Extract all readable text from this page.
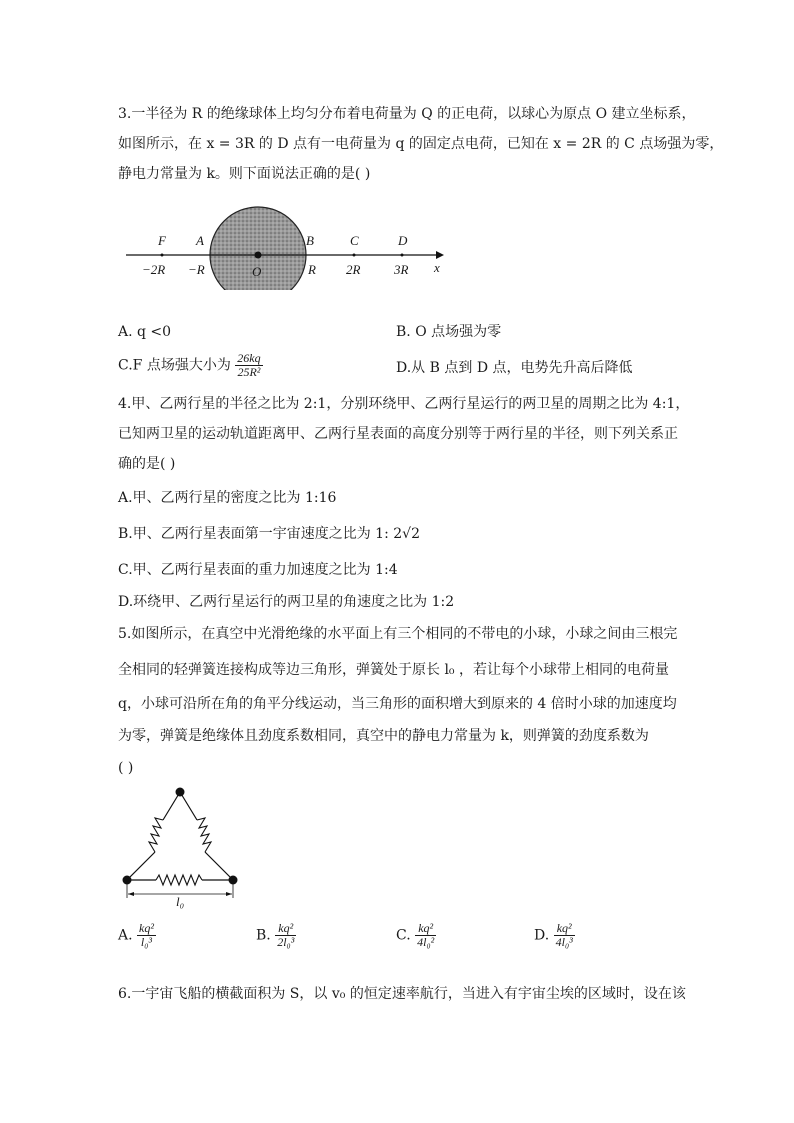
3.一半径为 R 的绝缘球体上均匀分布着电荷量为 Q 的正电荷，以球心为原点 O 建立坐标系，
如图所示，在 x = 3R 的 D 点有一电荷量为 q 的固定点电荷，已知在 x = 2R 的 C 点场强为零，
静电力常量为 k。则下面说法正确的是( )
F A	B	C	D
−2R −R	O	R 2R	3R x
A. q <0	B. O 点场强为零
C.F 点场强大小为 $\frac{26kq}{\text{25R²}}$	D.从 B 点到 D 点，电势先升高后降低
4.甲、乙两行星的半径之比为 2:1，分别环绕甲、乙两行星运行的两卫星的周期之比为 4:1，
已知两卫星的运动轨道距离甲、乙两行星表面的高度分别等于两行星的半径，则下列关系正
确的是( )
A.甲、乙两行星的密度之比为 1:16
B.甲、乙两行星表面第一宇宙速度之比为 1: 2√2
C.甲、乙两行星表面的重力加速度之比为 1:4
D.环绕甲、乙两行星运行的两卫星的角速度之比为 1:2
5.如图所示，在真空中光滑绝缘的水平面上有三个相同的不带电的小球，小球之间由三根完
全相同的轻弹簧连接构成等边三角形，弹簧处于原长 l₀ ，若让每个小球带上相同的电荷量
q，小球可沿所在角的角平分线运动，当三角形的面积增大到原来的 4 倍时小球的加速度均
为零，弹簧是绝缘体且劲度系数相同，真空中的静电力常量为 k，则弹簧的劲度系数为
( )
l₀
A. $\frac{\text{kq²}}{\text{l₀³}}$	B. $\frac{\text{kq²}}{\text{2l₀³}}$	C. $\frac{\text{kq²}}{\text{4l₀²}}$	D. $\frac{\text{kq²}}{\text{4l₀³}}$
6.一宇宙飞船的横截面积为 S，以 v₀ 的恒定速率航行，当进入有宇宙尘埃的区域时，设在该
